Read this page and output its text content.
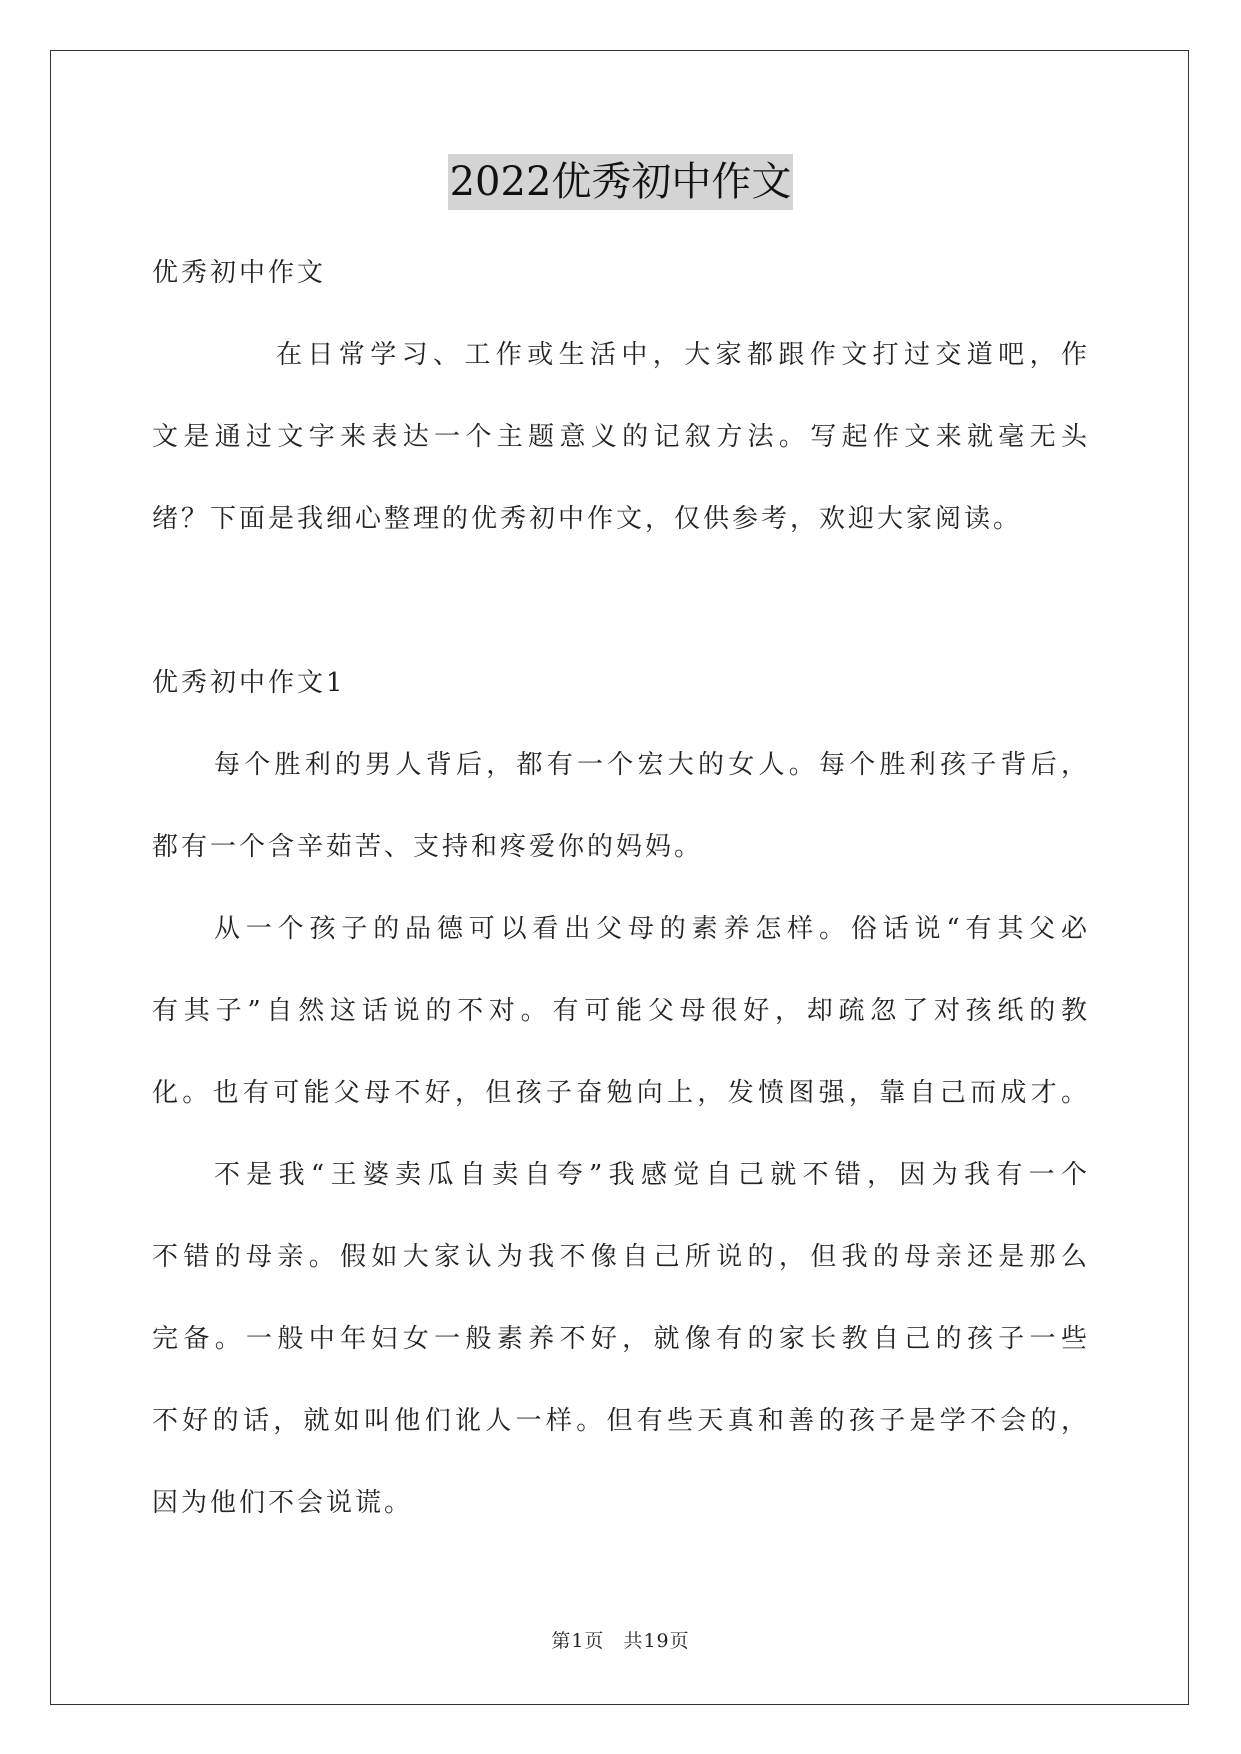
2022优秀初中作文
优秀初中作文
在日常学习、工作或生活中，大家都跟作文打过交道吧，作
文是通过文字来表达一个主题意义的记叙方法。写起作文来就毫无头
绪？下面是我细心整理的优秀初中作文，仅供参考，欢迎大家阅读。
优秀初中作文1
每个胜利的男人背后，都有一个宏大的女人。每个胜利孩子背后，
都有一个含辛茹苦、支持和疼爱你的妈妈。
从一个孩子的品德可以看出父母的素养怎样。俗话说“有其父必
有其子”自然这话说的不对。有可能父母很好，却疏忽了对孩纸的教
化。也有可能父母不好，但孩子奋勉向上，发愤图强，靠自己而成才。
不是我“王婆卖瓜自卖自夸”我感觉自己就不错，因为我有一个
不错的母亲。假如大家认为我不像自己所说的，但我的母亲还是那么
完备。一般中年妇女一般素养不好，就像有的家长教自己的孩子一些
不好的话，就如叫他们讹人一样。但有些天真和善的孩子是学不会的，
因为他们不会说谎。
第1页 共19页
